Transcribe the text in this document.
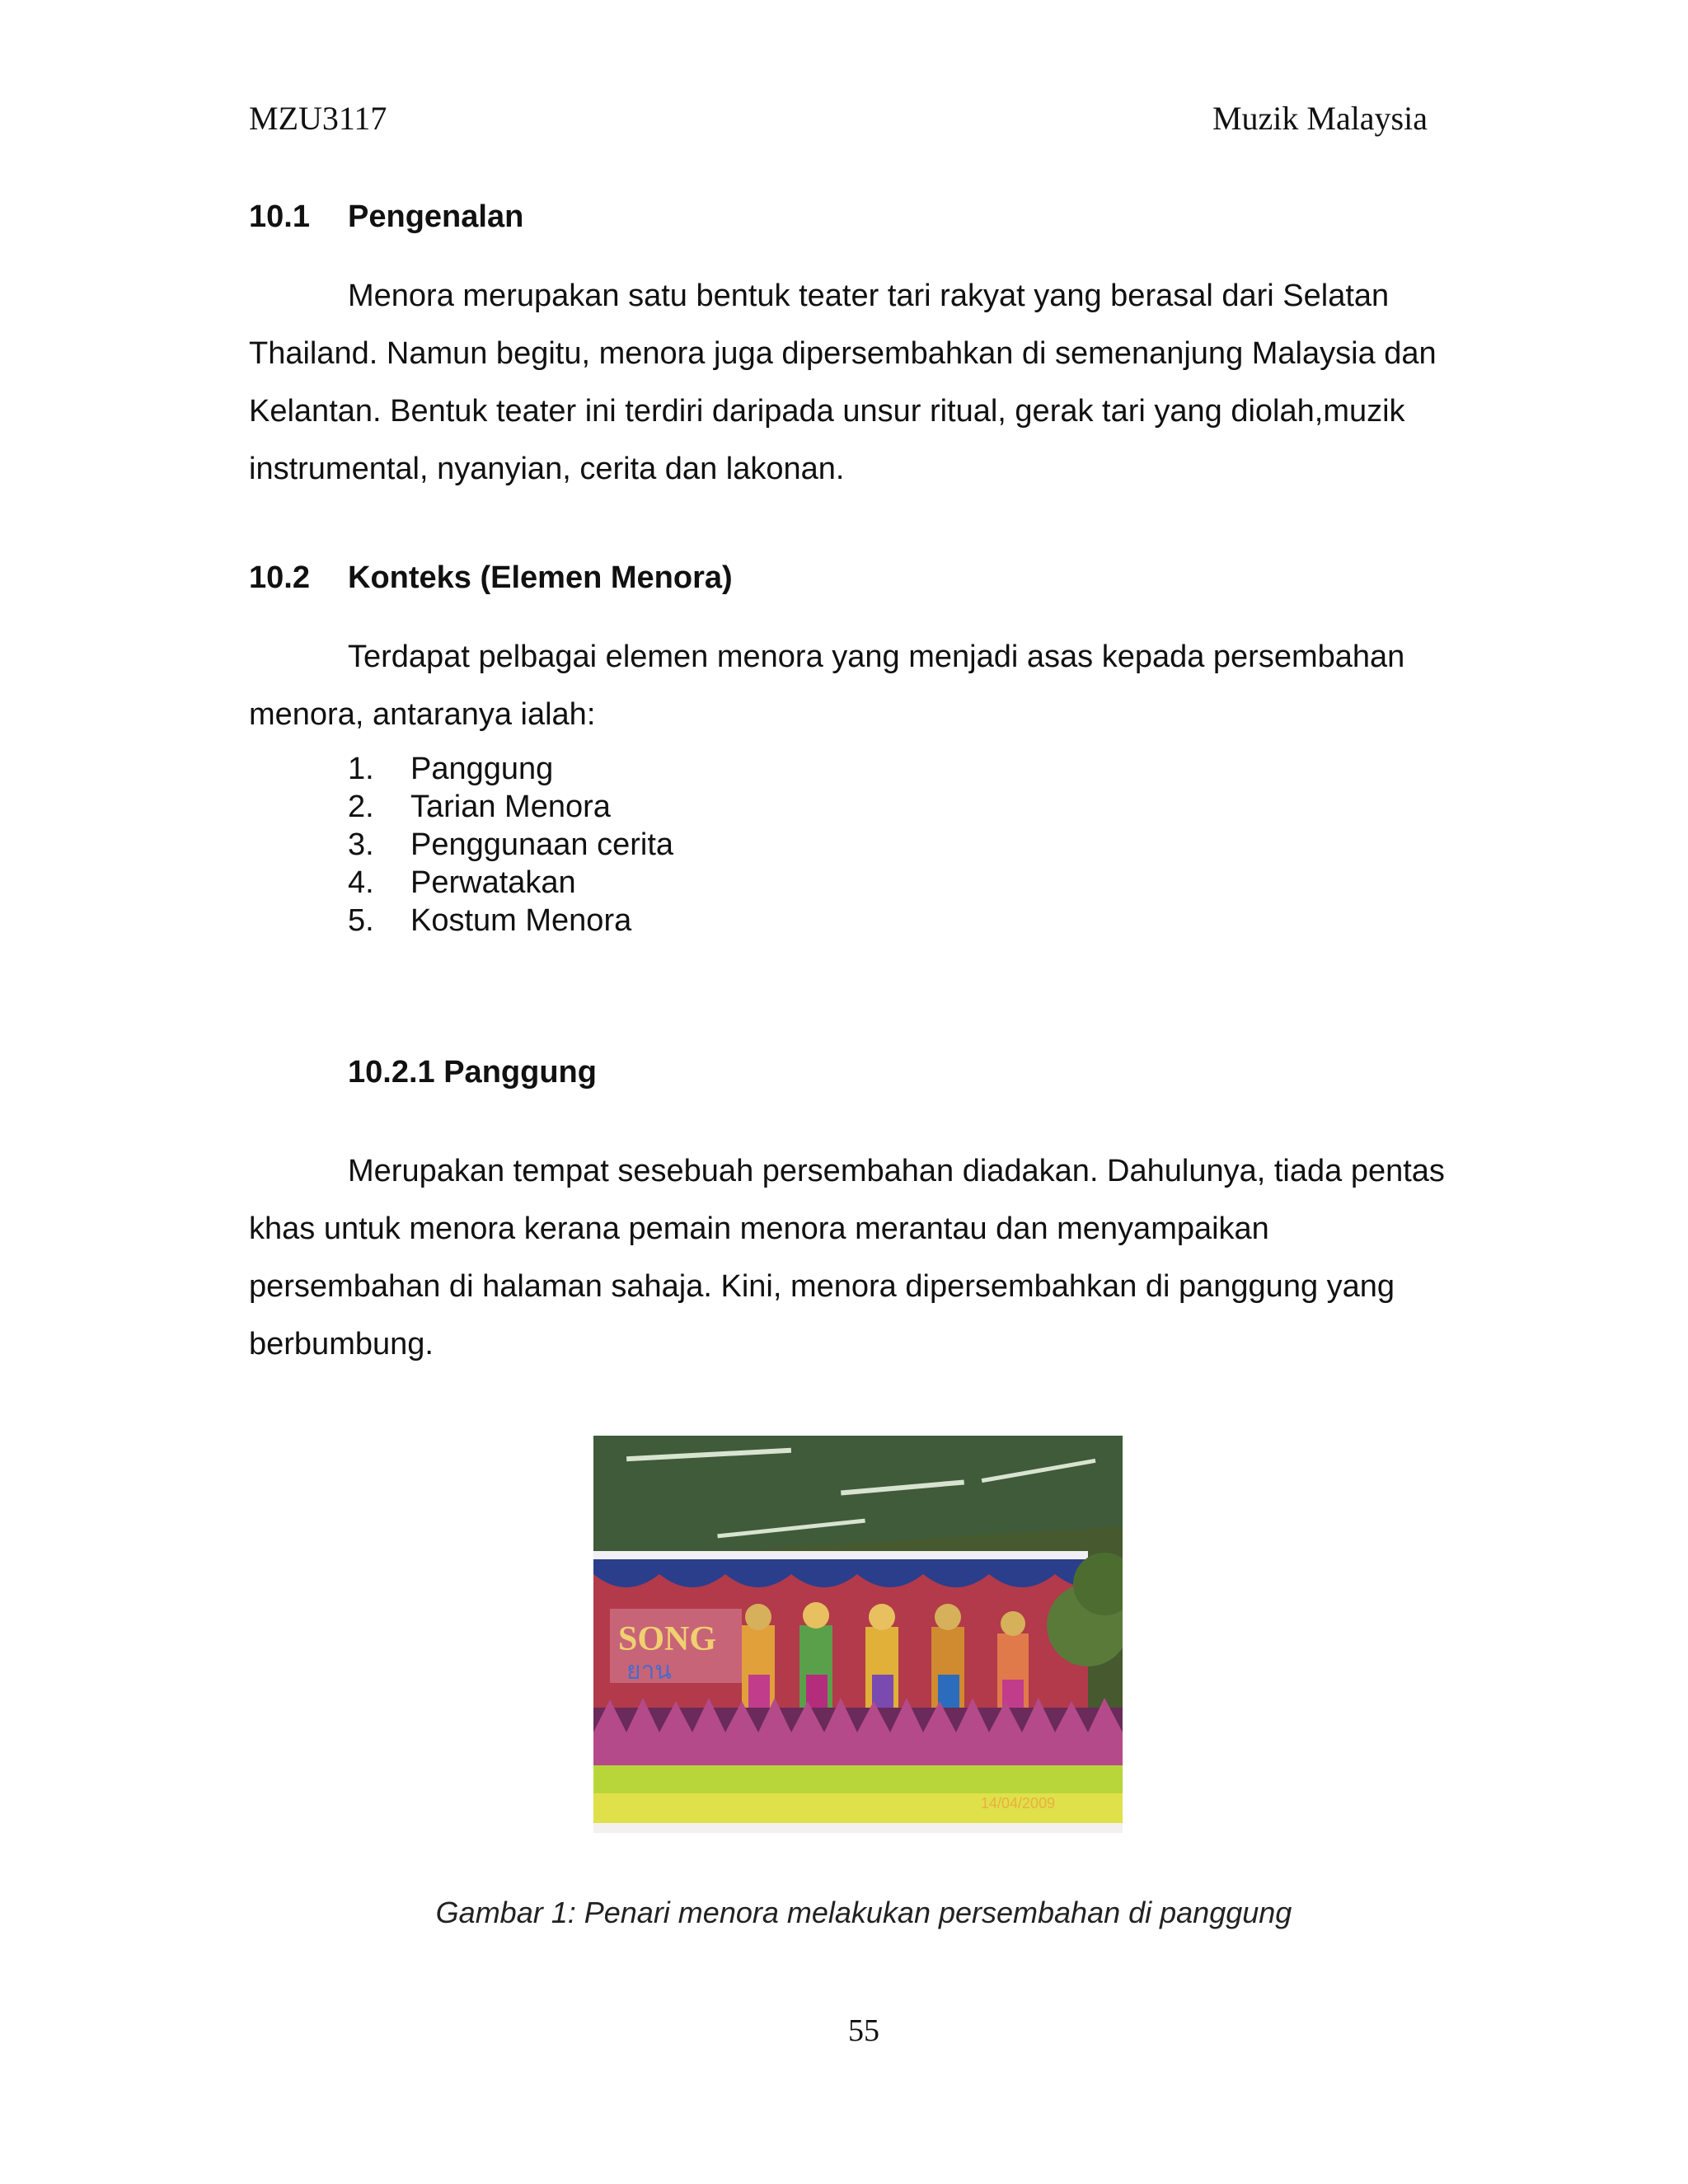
MZU3117	Muzik Malaysia
10.1 Pengenalan

Menora merupakan satu bentuk teater tari rakyat yang berasal dari Selatan Thailand. Namun begitu, menora juga dipersembahkan di semenanjung Malaysia dan Kelantan. Bentuk teater ini terdiri daripada unsur ritual, gerak tari yang diolah,muzik instrumental, nyanyian, cerita dan lakonan.

10.2 Konteks (Elemen Menora)

Terdapat pelbagai elemen menora yang menjadi asas kepada persembahan menora, antaranya ialah:

1.	Panggung
2.	Tarian Menora
3.	Penggunaan cerita
4.	Perwatakan
5.	Kostum Menora
10.2.1 Panggung

Merupakan tempat sesebuah persembahan diadakan. Dahulunya, tiada pentas khas untuk menora kerana pemain menora merantau dan menyampaikan persembahan di halaman sahaja. Kini, menora dipersembahkan di panggung yang berbumbung.

SONG
ยาน
14/04/2009
Gambar 1: Penari menora melakukan persembahan di panggung
55
